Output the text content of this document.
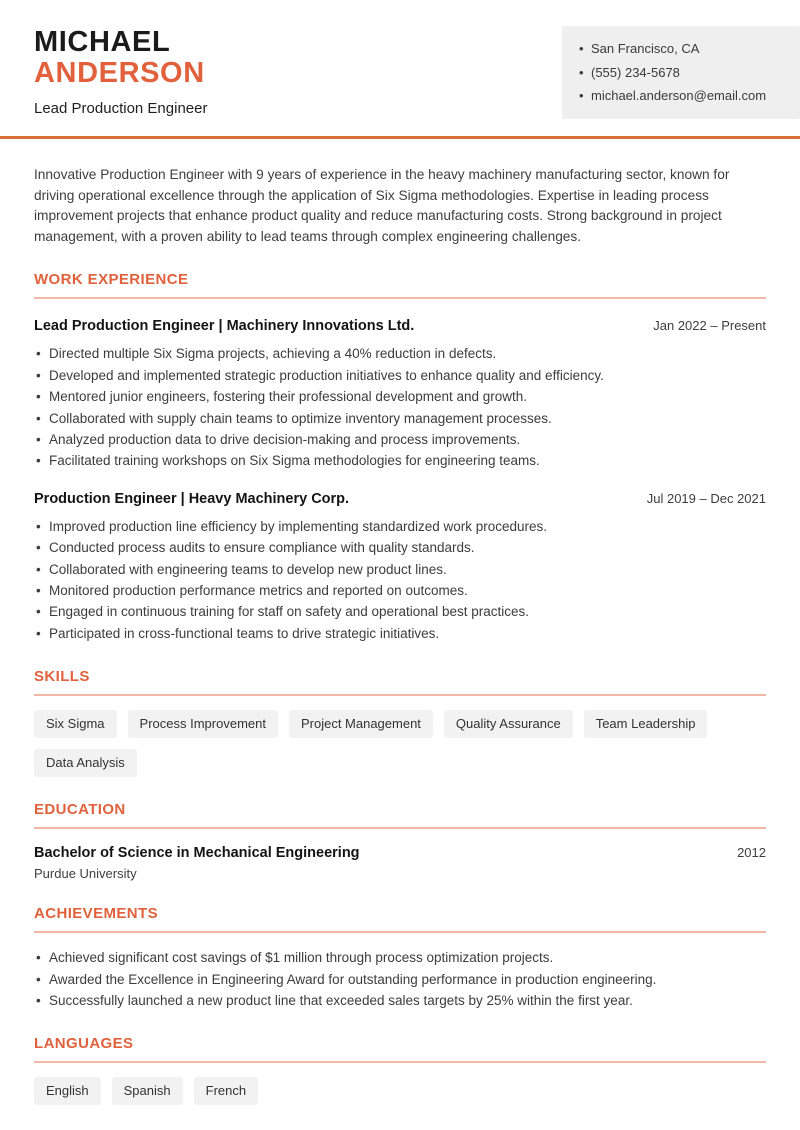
MICHAEL
ANDERSON
Lead Production Engineer
• San Francisco, CA
• (555) 234-5678
• michael.anderson@email.com

Innovative Production Engineer with 9 years of experience in the heavy machinery manufacturing sector, known for driving operational excellence through the application of Six Sigma methodologies. Expertise in leading process improvement projects that enhance product quality and reduce manufacturing costs. Strong background in project management, with a proven ability to lead teams through complex engineering challenges.

WORK EXPERIENCE
Lead Production Engineer | Machinery Innovations Ltd.	Jan 2022 – Present
• Directed multiple Six Sigma projects, achieving a 40% reduction in defects.
• Developed and implemented strategic production initiatives to enhance quality and efficiency.
• Mentored junior engineers, fostering their professional development and growth.
• Collaborated with supply chain teams to optimize inventory management processes.
• Analyzed production data to drive decision-making and process improvements.
• Facilitated training workshops on Six Sigma methodologies for engineering teams.
Production Engineer | Heavy Machinery Corp.	Jul 2019 – Dec 2021
• Improved production line efficiency by implementing standardized work procedures.
• Conducted process audits to ensure compliance with quality standards.
• Collaborated with engineering teams to develop new product lines.
• Monitored production performance metrics and reported on outcomes.
• Engaged in continuous training for staff on safety and operational best practices.
• Participated in cross-functional teams to drive strategic initiatives.
SKILLS
Six Sigma	Process Improvement	Project Management	Quality Assurance	Team Leadership
Data Analysis
EDUCATION
Bachelor of Science in Mechanical Engineering	2012
Purdue University
ACHIEVEMENTS
• Achieved significant cost savings of $1 million through process optimization projects.
• Awarded the Excellence in Engineering Award for outstanding performance in production engineering.
• Successfully launched a new product line that exceeded sales targets by 25% within the first year.
LANGUAGES
English	Spanish	French
